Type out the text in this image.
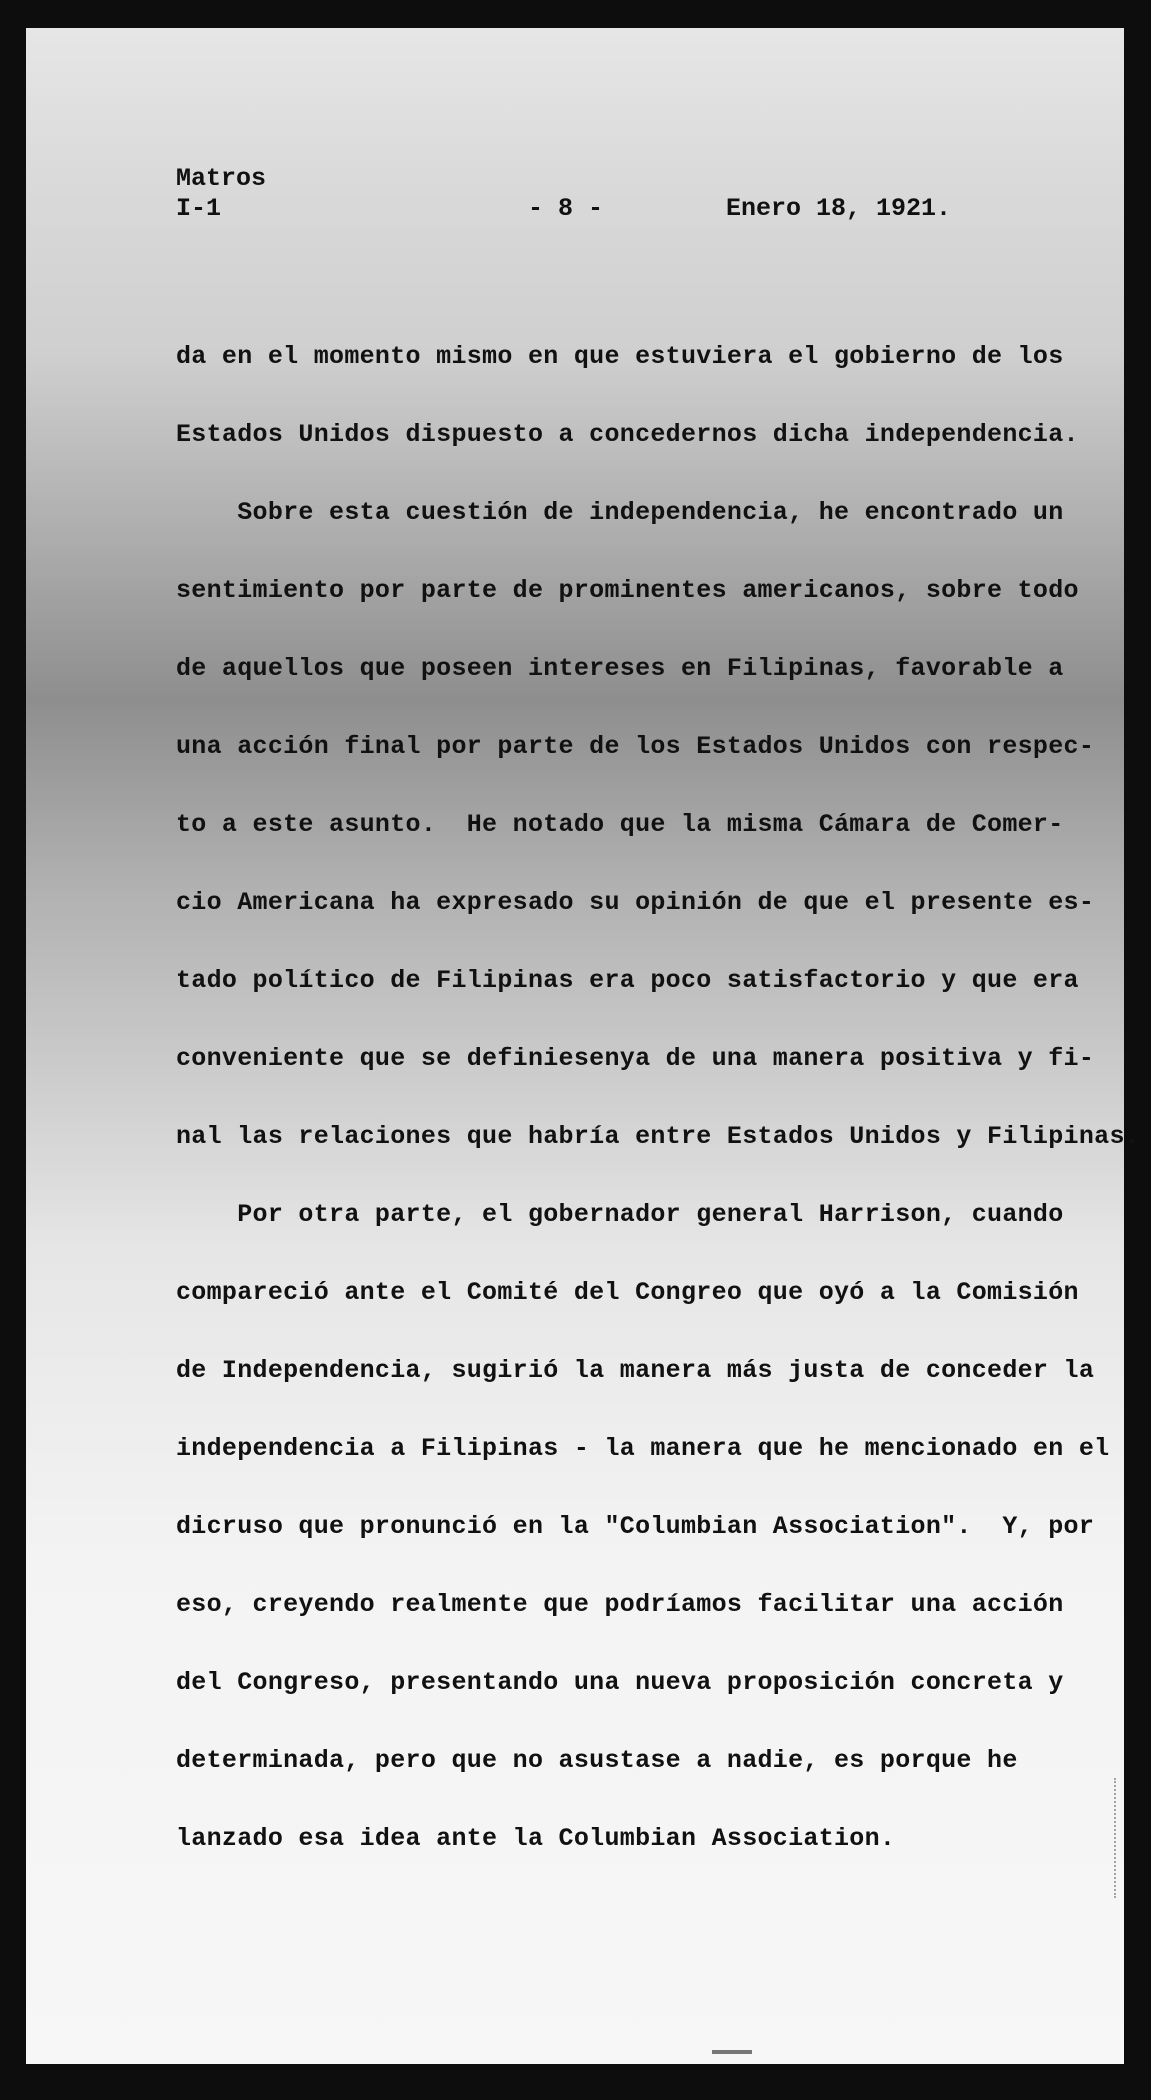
Matros
I-1	- 8 -	Enero 18, 1921.
da en el momento mismo en que estuviera el gobierno de los
Estados Unidos dispuesto a concedernos dicha independencia.
Sobre esta cuestión de independencia, he encontrado un
sentimiento por parte de prominentes americanos, sobre todo
de aquellos que poseen intereses en Filipinas, favorable a
una acción final por parte de los Estados Unidos con respec-
to a este asunto.  He notado que la misma Cámara de Comer-
cio Americana ha expresado su opinión de que el presente es-
tado político de Filipinas era poco satisfactorio y que era
conveniente que se definiesenya de una manera positiva y fi-
nal las relaciones que habría entre Estados Unidos y Filipinas.
Por otra parte, el gobernador general Harrison, cuando
compareció ante el Comité del Congreo que oyó a la Comisión
de Independencia, sugirió la manera más justa de conceder la
independencia a Filipinas - la manera que he mencionado en el
dicruso que pronunció en la "Columbian Association".  Y, por
eso, creyendo realmente que podríamos facilitar una acción
del Congreso, presentando una nueva proposición concreta y
determinada, pero que no asustase a nadie, es porque he
lanzado esa idea ante la Columbian Association.
